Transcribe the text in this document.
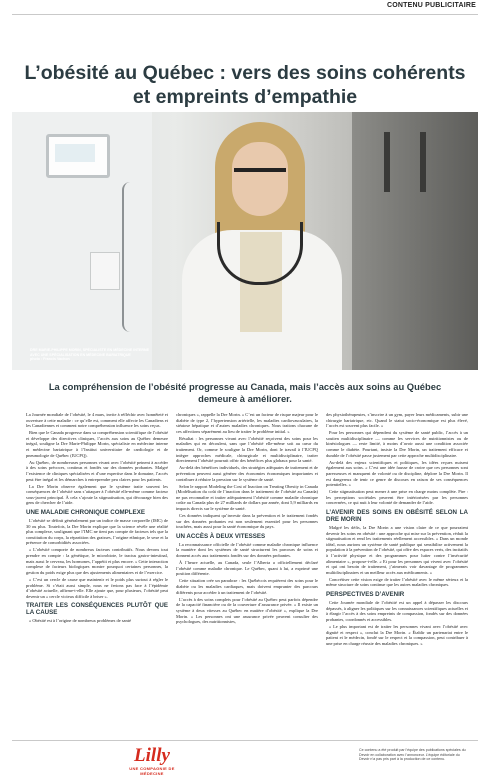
CONTENU PUBLICITAIRE
L’obésité au Québec : vers des soins cohérents et empreints d’empathie
DRE MARIE-PHILIPPE MORIN, SPÉCIALISTE EN MÉDECINE INTERNE
AVEC UNE SPÉCIALISATION EN MÉDECINE BARIATRIQUE
photo : Francis Vachon
La compréhension de l’obésité progresse au Canada, mais l’accès aux soins au Québec demeure à améliorer.

La Journée mondiale de l’obésité, le 4 mars, invite à réfléchir avec honnêteté et ouverture à cette maladie : ce qu’elle est, comment elle affecte les Canadiens et les Canadiennes et comment notre compréhension influence les soins reçus.

Bien que le Canada progresse dans sa compréhension scientifique de l’obésité et développe des directives cliniques, l’accès aux soins au Québec demeure inégal, souligne la Dre Marie-Philippe Morin, spécialiste en médecine interne et médecine bariatrique à l’Institut universitaire de cardiologie et de pneumologie de Québec (IUCPQ).

Au Québec, de nombreuses personnes vivant avec l’obésité peinent à accéder à des soins précoces, continus et fondés sur des données probantes. Malgré l’existence de cliniques spécialisées et d’une expertise dans le domaine, l’accès peut être inégal et les démarches à entreprendre peu claires pour les patients.

La Dre Morin observe également que le système traite souvent les conséquences de l’obésité sans s’attaquer à l’obésité elle-même comme facteur sous-jacent principal. À cela s’ajoute la stigmatisation, qui décourage bien des gens de chercher de l’aide.

UNE MALADIE CHRONIQUE COMPLEXE

L’obésité se définit généralement par un indice de masse corporelle (IMC) de 30 ou plus. Toutefois, la Dre Morin explique que la science révèle une réalité plus complexe, soulignant que l’IMC ne tient pas compte de facteurs tels que la constitution du corps, la répartition des graisses, l’origine ethnique, le sexe et la présence de comorbidités associées.

« L’obésité comporte de nombreux facteurs contributifs. Nous devons tout prendre en compte : la génétique, le microbiote, le tractus gastro-intestinal, mais aussi le cerveau, les hormones, l’appétit et plus encore. » Cette interaction complexe de facteurs biologiques montre pourquoi certaines personnes, la gestion du poids exige plus que des ajustements alimentaires et de l’exercice.

« C’est un cercle de cause que maintenir et le poids plus surtout à régler le problème. Si c’était aussi simple, nous ne ferions pas face à l’épidémie d’obésité actuelle, affirme-t-elle. Elle ajoute que, pour plusieurs, l’obésité peut devenir un « cercle vicieux difficile à briser ».

TRAITER LES CONSÉQUENCES PLUTÔT QUE LA CAUSE

« Obésité est à l’origine de nombreux problèmes de santé

chroniques », rappelle la Dre Morin. « C’est un facteur de risque majeur pour le diabète de type 2, l’hypertension artérielle, les maladies cardiovasculaires, la stéatose hépatique et d’autres maladies chroniques. Nous traitons chacune de ces affections séparément au lieu de traiter le problème initial. »

Résultat : les personnes vivant avec l’obésité reçoivent des soins pour les maladies qui en découlent, sans que l’obésité elle-même soit au cœur du traitement. Or, comme le souligne la Dre Morin, dont le travail à l’IUCPQ intègre approches médicale, chirurgicale et multidisciplinaire, traiter directement l’obésité pourrait offrir des bénéfices plus globaux pour la santé.

Au-delà des bénéfices individuels, des stratégies adéquates de traitement et de prévention peuvent aussi générer des économies économiques importantes et contribuer à réduire la pression sur le système de santé.

Selon le rapport Modeling the Cost of Inaction on Treating Obesity in Canada (Modélisation du coût de l’inaction dans le traitement de l’obésité au Canada) ne pas reconnaître et traiter adéquatement l’obésité comme maladie chronique coûte au Canada plus de 27 milliards de dollars par année, dont 5,9 milliards en impacts directs sur le système de santé.

Ces données indiquent qu’investir dans la prévention et le traitement fondés sur des données probantes est non seulement essentiel pour les personnes touchées, mais aussi pour la santé économique du pays.

UN ACCÈS À DEUX VITESSES

La reconnaissance officielle de l’obésité comme maladie chronique influence la manière dont les systèmes de santé structurent les parcours de soins et donnent accès aux traitements fondés sur des données probantes.

À l’heure actuelle, au Canada, seule l’Alberta a officiellement déclaré l’obésité comme maladie chronique. Le Québec, quant à lui, a exprimé une position différente.

Cette situation crée un paradoxe : les Québécois requièrent des soins pour le diabète ou les maladies cardiaques, mais doivent emprunter des parcours différents pour accéder à un traitement de l’obésité.

L’accès à des soins complets pour l’obésité au Québec peut parfois dépendre de la capacité financière ou de la couverture d’assurance privée. « Il existe un système à deux vitesses au Québec en matière d’obésité », explique la Dre Morin. « Les personnes ont une assurance privée peuvent consulter des psychologues, des nutritionnistes,

des physiothérapeutes, s’inscrire à un gym, payer leurs médicaments, subir une chirurgie bariatrique, etc. Quand le statut socio-économique est plus élevé, l’accès est souvent plus facile. »

Pour les personnes qui dépendent du système de santé public, l’accès à un soutien multidisciplinaire — comme les services de nutritionnistes ou de kinésiologues — reste limité, à moins d’avoir aussi une condition associée comme le diabète. Pourtant, insiste la Dre Morin, un traitement efficace et durable de l’obésité passe justement par cette approche multidisciplinaire.

Au-delà des enjeux scientifiques et politiques, les idées reçues nuisent également aux soins. « C’est une idée fausse de croire que ces personnes sont paresseuses et manquent de volonté ou de discipline, déplore la Dre Morin. Il est dangereux de tenir ce genre de discours en raison de ses conséquences potentielles. »

Cette stigmatisation peut mener à une prise en charge moins complète. Pire : les perceptions sociétales peuvent être intériorisées par les personnes concernées, ce qui nuit à leur volonté de demander de l’aide.

L’AVENIR DES SOINS EN OBÉSITÉ SELON LA DRE MORIN

Malgré les défis, la Dre Morin a une vision claire de ce que pourraient devenir les soins en obésité : une approche qui mise sur la prévention, réduit la stigmatisation et rend les traitements réellement accessibles. « Dans un monde idéal, nous aurions un système de santé publique qui sensibilise activement la population à la prévention de l’obésité, qui offre des espaces verts, des incitatifs à l’activité physique et des programmes pour lutter contre l’insécurité alimentaire », propose-t-elle. « Et pour les personnes qui vivent avec l’obésité et qui ont besoin de traitement, j’aimerais voir davantage de programmes multidisciplinaires et un meilleur accès aux médicaments. »

Concrétiser cette vision exige de traiter l’obésité avec le même sérieux et la même structure de soins continue que les autres maladies chroniques.

PERSPECTIVES D’AVENIR

Cette Journée mondiale de l’obésité est un appel à dépasser les discours dépassés, à aligner les politiques sur les connaissances scientifiques actuelles et à élargir l’accès à des soins empreints de compassion, fondés sur des données probantes, coordonnés et accessibles.

« Le plus important est de traiter les personnes vivant avec l’obésité avec dignité et respect », conclut la Dre Morin. « Établir un partenariat entre le patient et le médecin, fondé sur le respect et la compassion, peut contribuer à une prise en charge réussie des maladies chroniques. »

Lilly
UNE COMPAGNIE DE MÉDECINE
Ce contenu a été produit par l’équipe des publications spéciales du Devoir en collaboration avec l’annonceur. L’équipe éditoriale du Devoir n’a pas pris part à la production de ce contenu.
